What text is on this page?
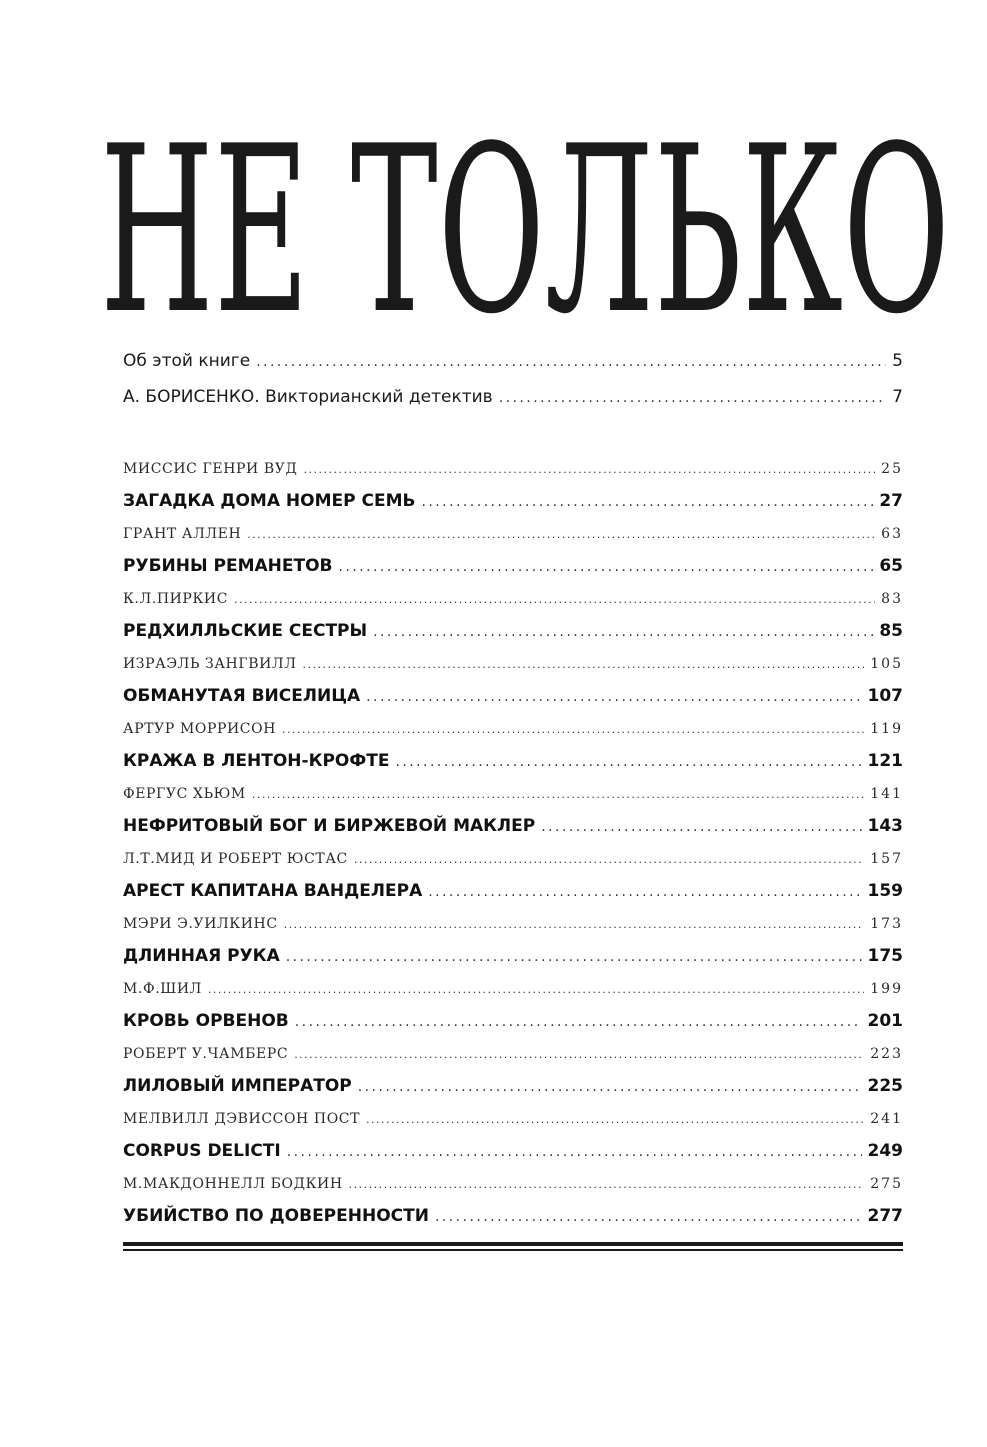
НЕ ТОЛЬКО
Об этой книге . . .	5
А. БОРИСЕНКО. Викторианский детектив . . .	7
МИССИС ГЕНРИ ВУД . . .	25
ЗАГАДКА ДОМА НОМЕР СЕМЬ . . .	27
ГРАНТ АЛЛЕН . . .	63
РУБИНЫ РЕМАНЕТОВ . . .	65
К.Л.ПИРКИС . . .	83
РЕДХИЛЛЬСКИЕ СЕСТРЫ . . .	85
ИЗРАЭЛЬ ЗАНГВИЛЛ . . .	105
ОБМАНУТАЯ ВИСЕЛИЦА . . .	107
АРТУР МОРРИСОН . . .	119
КРАЖА В ЛЕНТОН-КРОФТЕ . . .	121
ФЕРГУС ХЬЮМ . . .	141
НЕФРИТОВЫЙ БОГ И БИРЖЕВОЙ МАКЛЕР . . .	143
Л.Т.МИД И РОБЕРТ ЮСТАС . . .	157
АРЕСТ КАПИТАНА ВАНДЕЛЕРА . . .	159
МЭРИ Э.УИЛКИНС . . .	173
ДЛИННАЯ РУКА . . .	175
М.Ф.ШИЛ . . .	199
КРОВЬ ОРВЕНОВ . . .	201
РОБЕРТ У.ЧАМБЕРС . . .	223
ЛИЛОВЫЙ ИМПЕРАТОР . . .	225
МЕЛВИЛЛ ДЭВИССОН ПОСТ . . .	241
CORPUS DELICTI . . .	249
М.МАКДОННЕЛЛ БОДКИН . . .	275
УБИЙСТВО ПО ДОВЕРЕННОСТИ . . .	277
